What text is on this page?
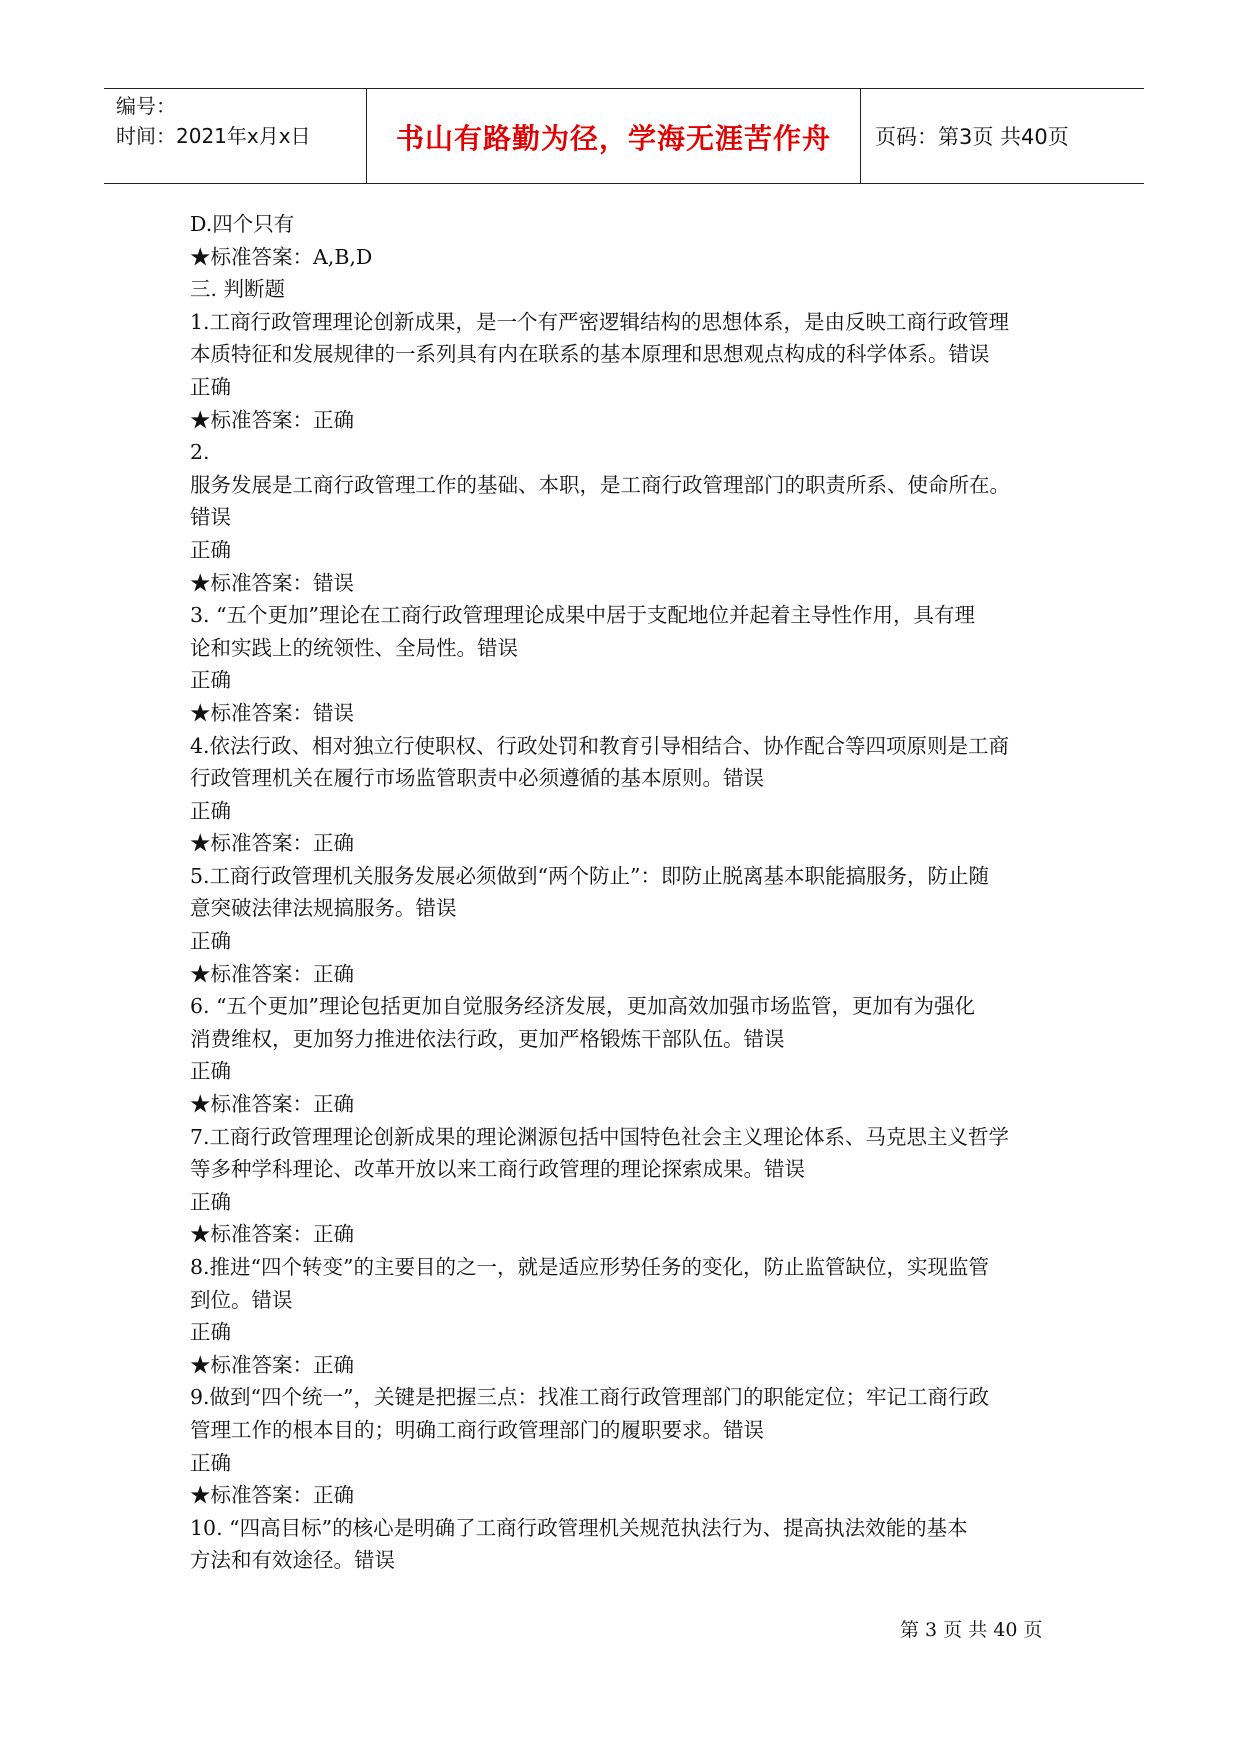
编号：
时间：2021年x月x日	书山有路勤为径，学海无涯苦作舟	页码：第3页 共40页
D.四个只有
★标准答案：A,B,D
三. 判断题
1.工商行政管理理论创新成果，是一个有严密逻辑结构的思想体系，是由反映工商行政管理
本质特征和发展规律的一系列具有内在联系的基本原理和思想观点构成的科学体系。错误
正确
★标准答案：正确
2.
服务发展是工商行政管理工作的基础、本职，是工商行政管理部门的职责所系、使命所在。
错误
正确
★标准答案：错误
3. “五个更加”理论在工商行政管理理论成果中居于支配地位并起着主导性作用，具有理
论和实践上的统领性、全局性。错误
正确
★标准答案：错误
4.依法行政、相对独立行使职权、行政处罚和教育引导相结合、协作配合等四项原则是工商
行政管理机关在履行市场监管职责中必须遵循的基本原则。错误
正确
★标准答案：正确
5.工商行政管理机关服务发展必须做到“两个防止”：即防止脱离基本职能搞服务，防止随
意突破法律法规搞服务。错误
正确
★标准答案：正确
6. “五个更加”理论包括更加自觉服务经济发展，更加高效加强市场监管，更加有为强化
消费维权，更加努力推进依法行政，更加严格锻炼干部队伍。错误
正确
★标准答案：正确
7.工商行政管理理论创新成果的理论渊源包括中国特色社会主义理论体系、马克思主义哲学
等多种学科理论、改革开放以来工商行政管理的理论探索成果。错误
正确
★标准答案：正确
8.推进“四个转变”的主要目的之一，就是适应形势任务的变化，防止监管缺位，实现监管
到位。错误
正确
★标准答案：正确
9.做到“四个统一”，关键是把握三点：找准工商行政管理部门的职能定位；牢记工商行政
管理工作的根本目的；明确工商行政管理部门的履职要求。错误
正确
★标准答案：正确
10. “四高目标”的核心是明确了工商行政管理机关规范执法行为、提高执法效能的基本
方法和有效途径。错误
第 3 页 共 40 页
